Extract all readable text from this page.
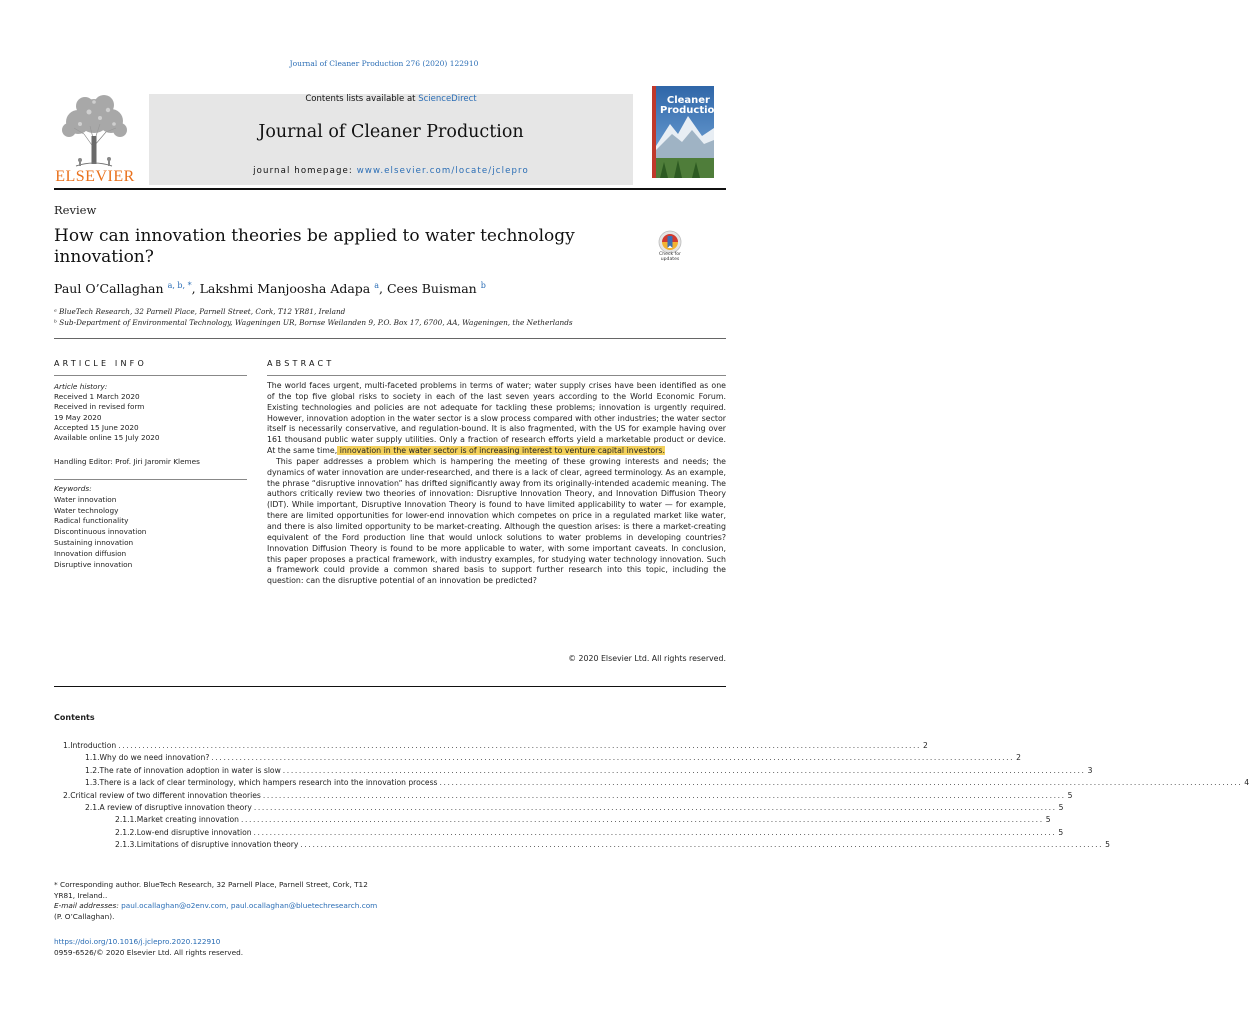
Journal of Cleaner Production 276 (2020) 122910
ELSEVIER
Contents lists available at ScienceDirect
Journal of Cleaner Production
journal homepage: www.elsevier.com/locate/jclepro
Cleaner
Production
Review
How can innovation theories be applied to water technology innovation?	Check for updates
Paul O’Callaghan $^{a, b, *}$, Lakshmi Manjoosha Adapa $^a$, Cees Buisman $^b$
ᵃ BlueTech Research, 32 Parnell Place, Parnell Street, Cork, T12 YR81, Ireland
ᵇ Sub-Department of Environmental Technology, Wageningen UR, Bornse Weilanden 9, P.O. Box 17, 6700, AA, Wageningen, the Netherlands
ARTICLE INFO	ABSTRACT
Article history:
Received 1 March 2020
Received in revised form
19 May 2020
Accepted 15 June 2020
Available online 15 July 2020
Handling Editor: Prof. Jiri Jaromir Klemes
Keywords:
Water innovation
Water technology
Radical functionality
Discontinuous innovation
Sustaining innovation
Innovation diffusion
Disruptive innovation

The world faces urgent, multi-faceted problems in terms of water; water supply crises have been identified as one of the top five global risks to society in each of the last seven years according to the World Economic Forum. Existing technologies and policies are not adequate for tackling these problems; innovation is urgently required. However, innovation adoption in the water sector is a slow process compared with other industries; the water sector itself is necessarily conservative, and regulation-bound. It is also fragmented, with the US for example having over 161 thousand public water supply utilities. Only a fraction of research efforts yield a marketable product or device. At the same time, innovation in the water sector is of increasing interest to venture capital investors.

This paper addresses a problem which is hampering the meeting of these growing interests and needs; the dynamics of water innovation are under-researched, and there is a lack of clear, agreed terminology. As an example, the phrase “disruptive innovation” has drifted significantly away from its originally-intended academic meaning. The authors critically review two theories of innovation: Disruptive Innovation Theory, and Innovation Diffusion Theory (IDT). While important, Disruptive Innovation Theory is found to have limited applicability to water — for example, there are limited opportunities for lower-end innovation which competes on price in a regulated market like water, and there is also limited opportunity to be market-creating. Although the question arises: is there a market-creating equivalent of the Ford production line that would unlock solutions to water problems in developing countries? Innovation Diffusion Theory is found to be more applicable to water, with some important caveats. In conclusion, this paper proposes a practical framework, with industry examples, for studying water technology innovation. Such a framework could provide a common shared basis to support further research into this topic, including the question: can the disruptive potential of an innovation be predicted?

© 2020 Elsevier Ltd. All rights reserved.
Contents
1. Introduction ........................................................................................................................................................................................................ 2
1.1. Why do we need innovation? ........................................................................................................................................................................................................ 2
1.2. The rate of innovation adoption in water is slow ........................................................................................................................................................................................................ 3
1.3. There is a lack of clear terminology, which hampers research into the innovation process ........................................................................................................................................................................................................ 4
2. Critical review of two different innovation theories ........................................................................................................................................................................................................ 5
2.1. A review of disruptive innovation theory ........................................................................................................................................................................................................ 5
2.1.1. Market creating innovation ........................................................................................................................................................................................................ 5
2.1.2. Low-end disruptive innovation ........................................................................................................................................................................................................ 5
2.1.3. Limitations of disruptive innovation theory ........................................................................................................................................................................................................ 5
* Corresponding author. BlueTech Research, 32 Parnell Place, Parnell Street, Cork, T12 YR81, Ireland..
E-mail addresses: paul.ocallaghan@o2env.com, paul.ocallaghan@bluetechresearch.com (P. O’Callaghan).
https://doi.org/10.1016/j.jclepro.2020.122910
0959-6526/© 2020 Elsevier Ltd. All rights reserved.
